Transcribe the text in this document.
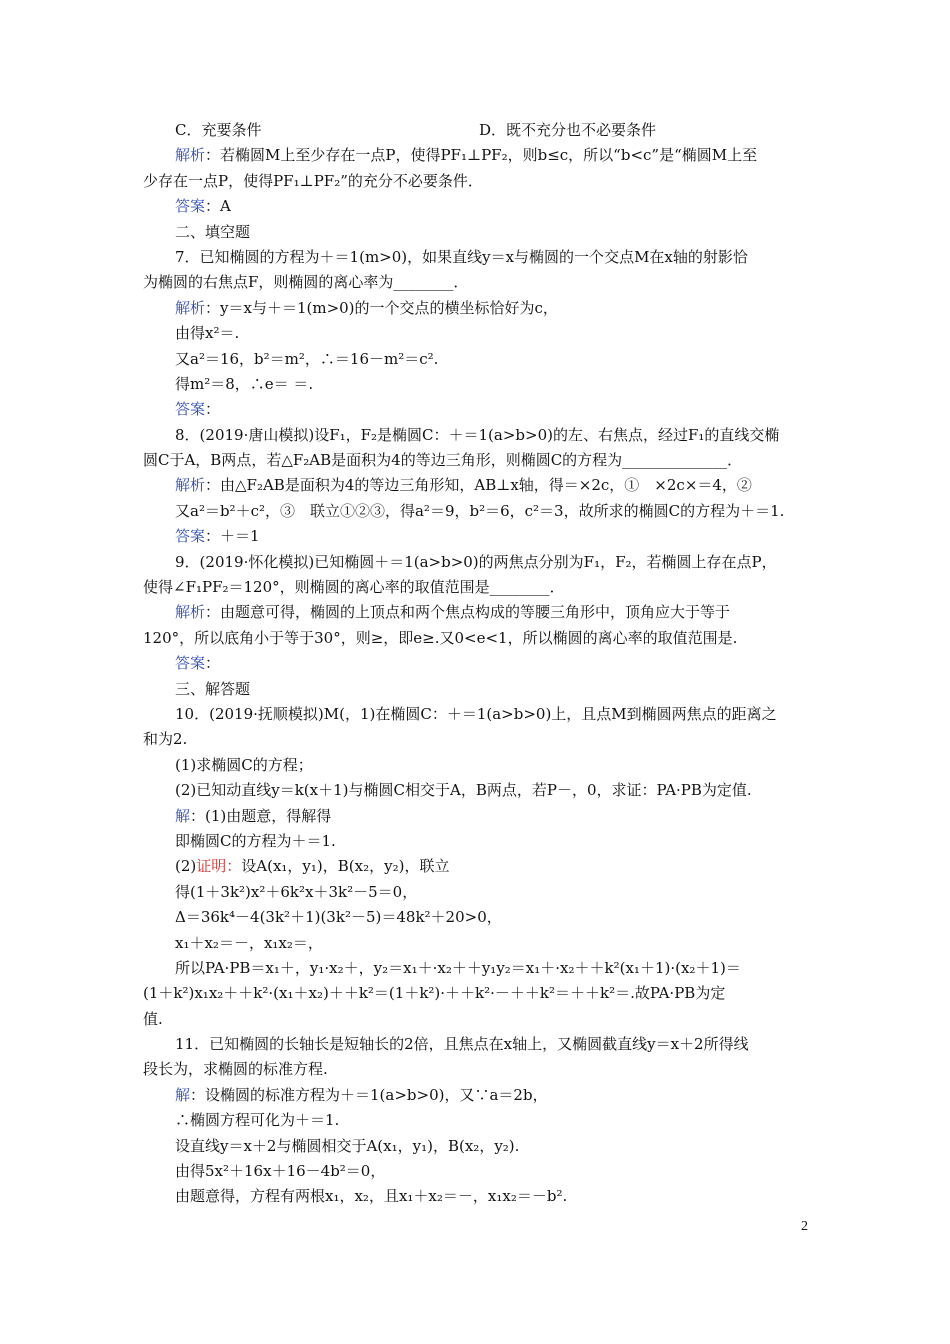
C．充要条件	D．既不充分也不必要条件
解析：若椭圆M上至少存在一点P，使得PF₁⊥PF₂，则b≤c，所以“b<c”是“椭圆M上至
少存在一点P，使得PF₁⊥PF₂”的充分不必要条件．
答案：A
二、填空题
7．已知椭圆的方程为＋＝1(m>0)，如果直线y＝x与椭圆的一个交点M在x轴的射影恰
为椭圆的右焦点F，则椭圆的离心率为________．
解析：y＝x与＋＝1(m>0)的一个交点的横坐标恰好为c，
由得x²＝.
又a²＝16，b²＝m²，∴＝16－m²＝c².
得m²＝8，∴e＝ ＝.
答案：
8．(2019·唐山模拟)设F₁，F₂是椭圆C：＋＝1(a>b>0)的左、右焦点，经过F₁的直线交椭
圆C于A，B两点，若△F₂AB是面积为4的等边三角形，则椭圆C的方程为______________．
解析：由△F₂AB是面积为4的等边三角形知，AB⊥x轴，得＝×2c，①　×2c×＝4，②
又a²＝b²＋c²，③　联立①②③，得a²＝9，b²＝6，c²＝3，故所求的椭圆C的方程为＋＝1.
答案：＋＝1
9．(2019·怀化模拟)已知椭圆＋＝1(a>b>0)的两焦点分别为F₁，F₂，若椭圆上存在点P，
使得∠F₁PF₂＝120°，则椭圆的离心率的取值范围是________．
解析：由题意可得，椭圆的上顶点和两个焦点构成的等腰三角形中，顶角应大于等于
120°，所以底角小于等于30°，则≥，即e≥.又0<e<1，所以椭圆的离心率的取值范围是.
答案：
三、解答题
10．(2019·抚顺模拟)M(，1)在椭圆C：＋＝1(a>b>0)上，且点M到椭圆两焦点的距离之
和为2.
(1)求椭圆C的方程；
(2)已知动直线y＝k(x＋1)与椭圆C相交于A，B两点，若P－，0，求证：PA·PB为定值.
解：(1)由题意，得解得
即椭圆C的方程为＋＝1.
(2)证明：设A(x₁，y₁)，B(x₂，y₂)，联立
得(1＋3k²)x²＋6k²x＋3k²－5＝0，
Δ＝36k⁴－4(3k²＋1)(3k²－5)＝48k²＋20>0，
x₁＋x₂＝－，x₁x₂＝，
所以PA·PB＝x₁＋，y₁·x₂＋，y₂＝x₁＋·x₂＋＋y₁y₂＝x₁＋·x₂＋＋k²(x₁＋1)·(x₂＋1)＝
(1＋k²)x₁x₂＋＋k²·(x₁＋x₂)＋＋k²＝(1＋k²)·＋＋k²·－＋＋k²＝＋＋k²＝.故PA·PB为定
值.
11．已知椭圆的长轴长是短轴长的2倍，且焦点在x轴上，又椭圆截直线y＝x＋2所得线
段长为，求椭圆的标准方程.
解：设椭圆的标准方程为＋＝1(a>b>0)，又∵a＝2b，
∴椭圆方程可化为＋＝1.
设直线y＝x＋2与椭圆相交于A(x₁，y₁)，B(x₂，y₂).
由得5x²＋16x＋16－4b²＝0，
由题意得，方程有两根x₁，x₂，且x₁＋x₂＝－，x₁x₂＝－b².
2
